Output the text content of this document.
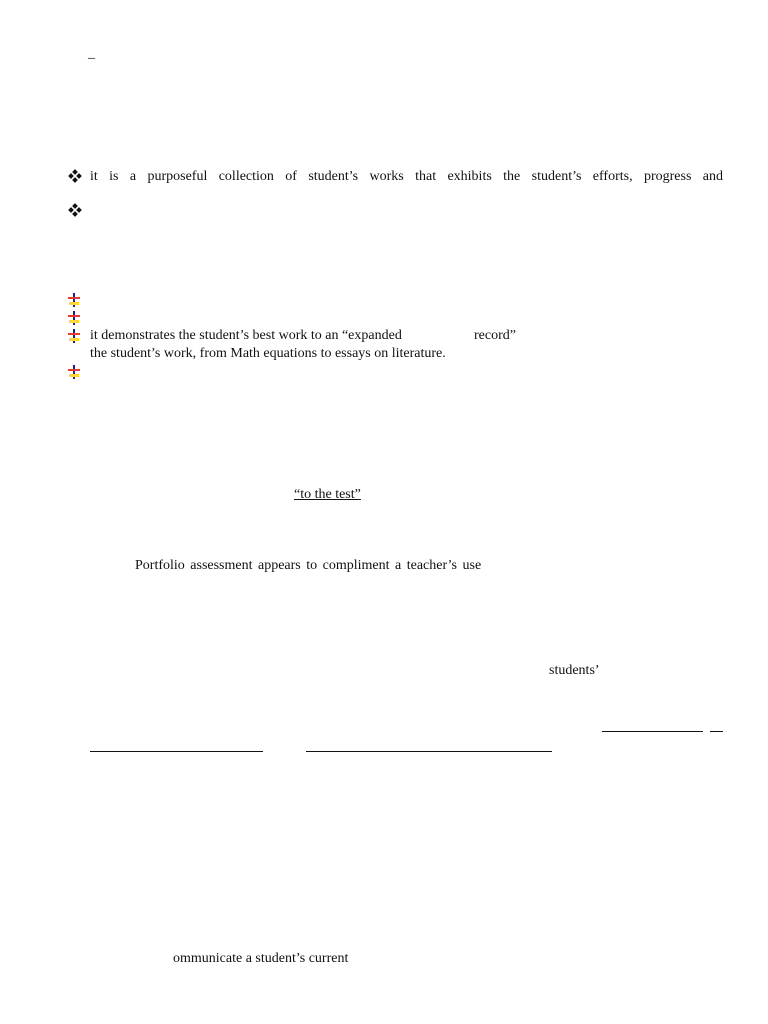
_
it is a purposeful collection of student’s works that exhibits the student’s efforts, progress and
it demonstrates the student’s best work to an “expanded	record”
the student’s work, from Math equations to essays on literature.
“to the test”
Portfolio assessment appears to compliment a teacher’s use
students’
ommunicate a student’s current
